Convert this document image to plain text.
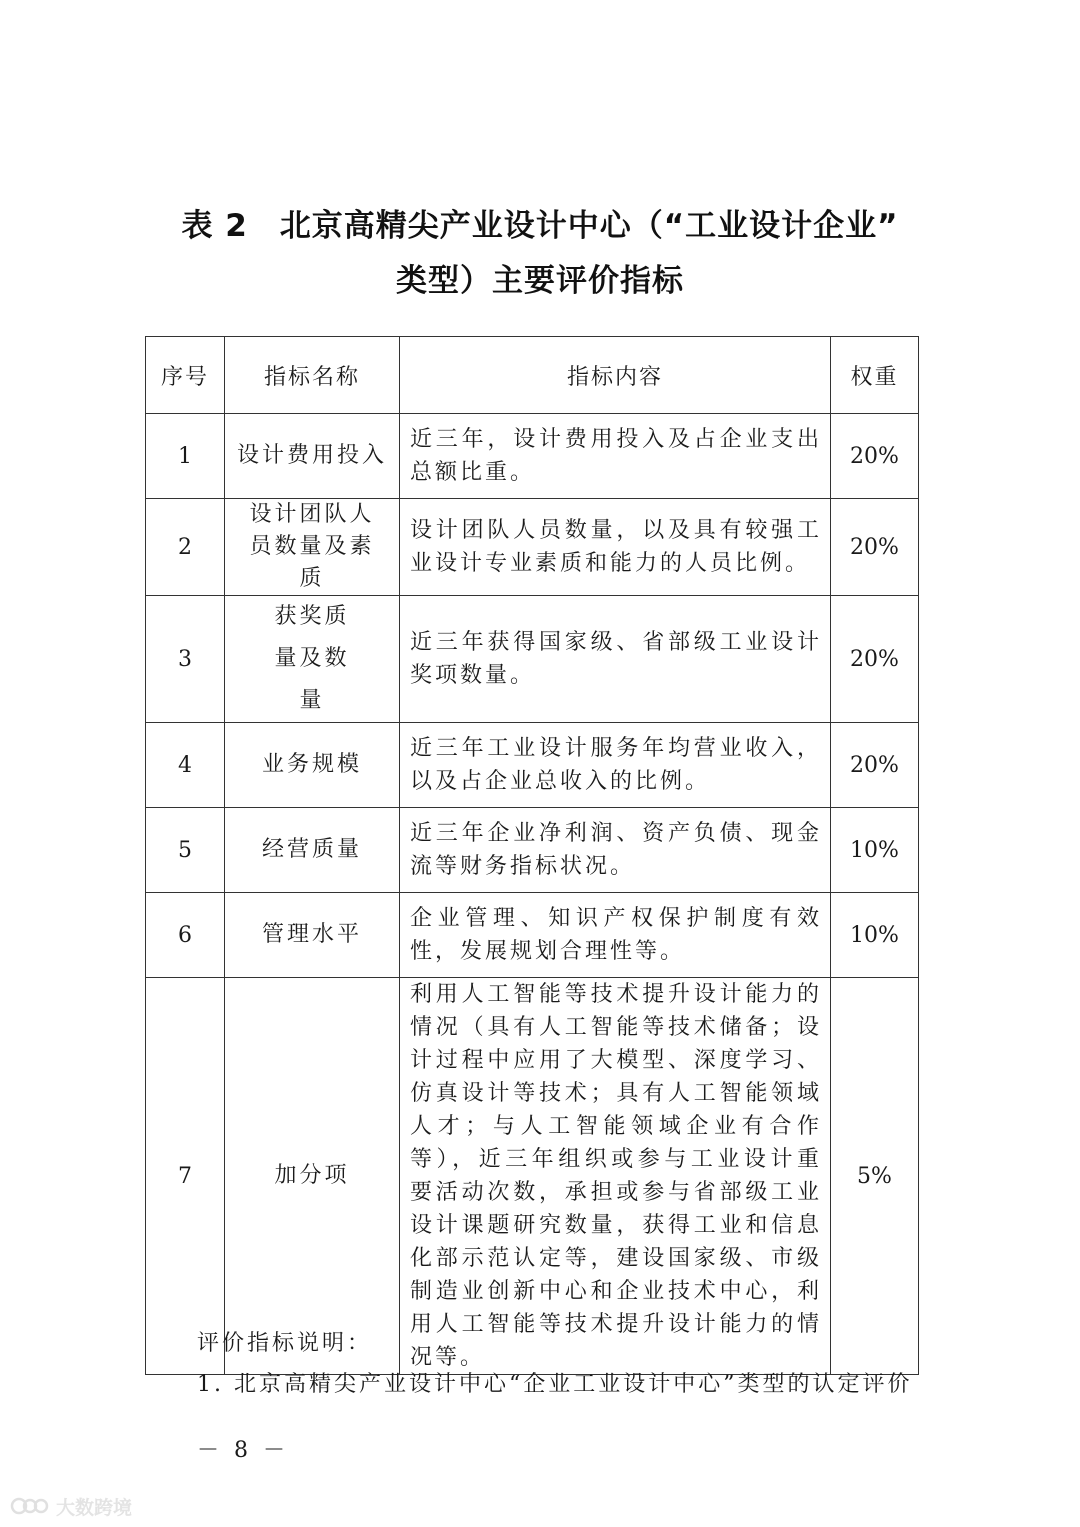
表 2　北京高精尖产业设计中心（“工业设计企业”
类型）主要评价指标
序号	指标名称	指标内容	权重
1	设计费用投入	近三年，设计费用投入及占企业支出总额比重。	20%
2	设计团队人员数量及素质	设计团队人员数量，以及具有较强工业设计专业素质和能力的人员比例。	20%
3	获奖质量及数量	近三年获得国家级、省部级工业设计奖项数量。	20%
4	业务规模	近三年工业设计服务年均营业收入，以及占企业总收入的比例。	20%
5	经营质量	近三年企业净利润、资产负债、现金流等财务指标状况。	10%
6	管理水平	企业管理、知识产权保护制度有效性，发展规划合理性等。	10%
7	加分项	利用人工智能等技术提升设计能力的情况（具有人工智能等技术储备；设计过程中应用了大模型、深度学习、仿真设计等技术；具有人工智能领域人才；与人工智能领域企业有合作等），近三年组织或参与工业设计重要活动次数，承担或参与省部级工业设计课题研究数量，获得工业和信息化部示范认定等，建设国家级、市级制造业创新中心和企业技术中心，利用人工智能等技术提升设计能力的情况等。	5%
评价指标说明：
1. 北京高精尖产业设计中心“企业工业设计中心”类型的认定评价
－ 8 －
大数跨境
